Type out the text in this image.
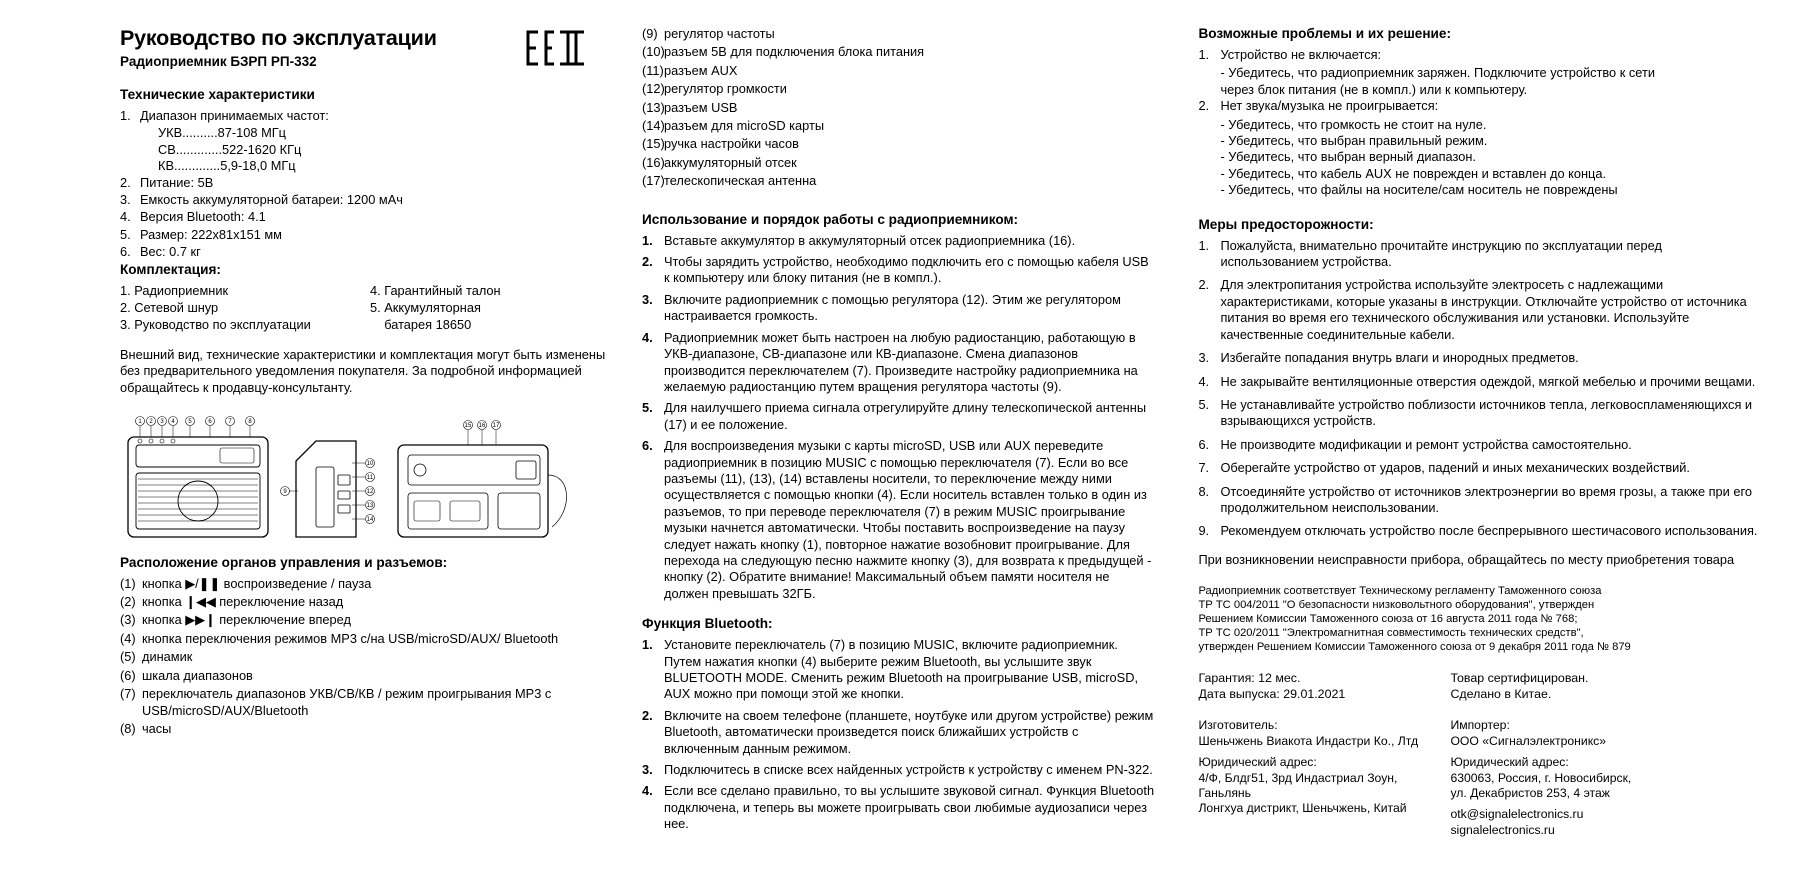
Руководство по эксплуатации
Радиоприемник БЗРП РП-332
Технические характеристики
1. Диапазон принимаемых частот:
УКВ..........87-108 МГц
СВ.............522-1620 КГц
КВ.............5,9-18,0 МГц
2. Питание: 5В
3. Емкость аккумуляторной батареи: 1200 мАч
4. Версия Bluetooth: 4.1
5. Размер: 222x81x151 мм
6. Вес: 0.7 кг
Комплектация:
1. Радиоприемник
2. Сетевой шнур
3. Руководство по эксплуатации
4. Гарантийный талон
5. Аккумуляторная
батарея 18650
Внешний вид, технические характеристики и комплектация могут быть изменены без предварительного уведомления покупателя. За подробной информацией обращайтесь к продавцу-консультанту.
1 2 3 4 5	6	7	8
10
11
12
13
14
9
15 16 17
Расположение органов управления и разъемов:
(1) кнопка ▶/❚❚ воспроизведение / пауза
(2) кнопка ❙◀◀ переключение назад
(3) кнопка ▶▶❙ переключение вперед
(4) кнопка переключения режимов MP3 с/на USB/microSD/AUX/ Bluetooth
(5) динамик
(6) шкала диапазонов
(7) переключатель диапазонов УКВ/СВ/КВ / режим проигрывания MP3 с USB/microSD/AUX/Bluetooth
(8) часы
(9) регулятор частоты
(10) разъем 5В для подключения блока питания
(11) разъем AUX
(12) регулятор громкости
(13) разъем USB
(14) разъем для microSD карты
(15) ручка настройки часов
(16) аккумуляторный отсек
(17) телескопическая антенна
Использование и порядок работы с радиоприемником:
1. Вставьте аккумулятор в аккумуляторный отсек радиоприемника (16).
2. Чтобы зарядить устройство, необходимо подключить его с помощью кабеля USB к компьютеру или блоку питания (не в компл.).
3. Включите радиоприемник с помощью регулятора (12). Этим же регулятором настраивается громкость.
4. Радиоприемник может быть настроен на любую радиостанцию, работающую в УКВ-диапазоне, СВ-диапазоне или КВ-диапазоне. Смена диапазонов производится переключателем (7). Произведите настройку радиоприемника на желаемую радиостанцию путем вращения регулятора частоты (9).
5. Для наилучшего приема сигнала отрегулируйте длину телескопической антенны (17) и ее положение.
6. Для воспроизведения музыки с карты microSD, USB или AUX переведите радиоприемник в позицию MUSIC с помощью переключателя (7). Если во все разъемы (11), (13), (14) вставлены носители, то переключение между ними осуществляется с помощью кнопки (4). Если носитель вставлен только в один из разъемов, то при переводе переключателя (7) в режим MUSIC проигрывание музыки начнется автоматически. Чтобы поставить воспроизведение на паузу следует нажать кнопку (1), повторное нажатие возобновит проигрывание. Для перехода на следующую песню нажмите кнопку (3), для возврата к предыдущей - кнопку (2). Обратите внимание! Максимальный объем памяти носителя не должен превышать 32ГБ.
Функция Bluetooth:
1. Установите переключатель (7) в позицию MUSIC, включите радиоприемник. Путем нажатия кнопки (4) выберите режим Bluetooth, вы услышите звук BLUETOOTH MODE. Сменить режим Bluetooth на проигрывание USB, microSD, AUX можно при помощи этой же кнопки.
2. Включите на своем телефоне (планшете, ноутбуке или другом устройстве) режим Bluetooth, автоматически произведется поиск ближайших устройств с включенным данным режимом.
3. Подключитесь в списке всех найденных устройств к устройству с именем PN-322.
4. Если все сделано правильно, то вы услышите звуковой сигнал. Функция Bluetooth подключена, и теперь вы можете проигрывать свои любимые аудиозаписи через нее.
Возможные проблемы и их решение:
1. Устройство не включается:
- Убедитесь, что радиоприемник заряжен. Подключите устройство к сети
через блок питания (не в компл.) или к компьютеру.
2. Нет звука/музыка не проигрывается:
- Убедитесь, что громкость не стоит на нуле.
- Убедитесь, что выбран правильный режим.
- Убедитесь, что выбран верный диапазон.
- Убедитесь, что кабель AUX не поврежден и вставлен до конца.
- Убедитесь, что файлы на носителе/сам носитель не повреждены
Меры предосторожности:
1. Пожалуйста, внимательно прочитайте инструкцию по эксплуатации перед использованием устройства.
2. Для электропитания устройства используйте электросеть с надлежащими характеристиками, которые указаны в инструкции. Отключайте устройство от источника питания во время его технического обслуживания или установки. Используйте качественные соединительные кабели.
3. Избегайте попадания внутрь влаги и инородных предметов.
4. Не закрывайте вентиляционные отверстия одеждой, мягкой мебелью и прочими вещами.
5. Не устанавливайте устройство поблизости источников тепла, легковоспламеняющихся и взрывающихся устройств.
6. Не производите модификации и ремонт устройства самостоятельно.
7. Оберегайте устройство от ударов, падений и иных механических воздействий.
8. Отсоединяйте устройство от источников электроэнергии во время грозы, а также при его продолжительном неиспользовании.
9. Рекомендуем отключать устройство после беспрерывного шестичасового использования.
При возникновении неисправности прибора, обращайтесь по месту приобретения товара
Радиоприемник соответствует Техническому регламенту Таможенного союза
ТР ТС 004/2011 "О безопасности низковольтного оборудования", утвержден
Решением Комиссии Таможенного союза от 16 августа 2011 года № 768;
ТР ТС 020/2011 "Электромагнитная совместимость технических средств",
утвержден Решением Комиссии Таможенного союза от 9 декабря 2011 года № 879
Гарантия: 12 мес.
Дата выпуска: 29.01.2021
Товар сертифицирован.
Сделано в Китае.
Изготовитель:
Шеньчжень Виакота Индастри Ко., Лтд
Юридический адрес:
4/Ф, Блдг51, 3рд Индастриал Зоун, Ганьлянь
Лонгхуа дистрикт, Шеньчжень, Китай
Импортер:
ООО «Сигналэлектроникс»
Юридический адрес:
630063, Россия, г. Новосибирск,
ул. Декабристов 253, 4 этаж
otk@signalelectronics.ru
signalelectronics.ru
